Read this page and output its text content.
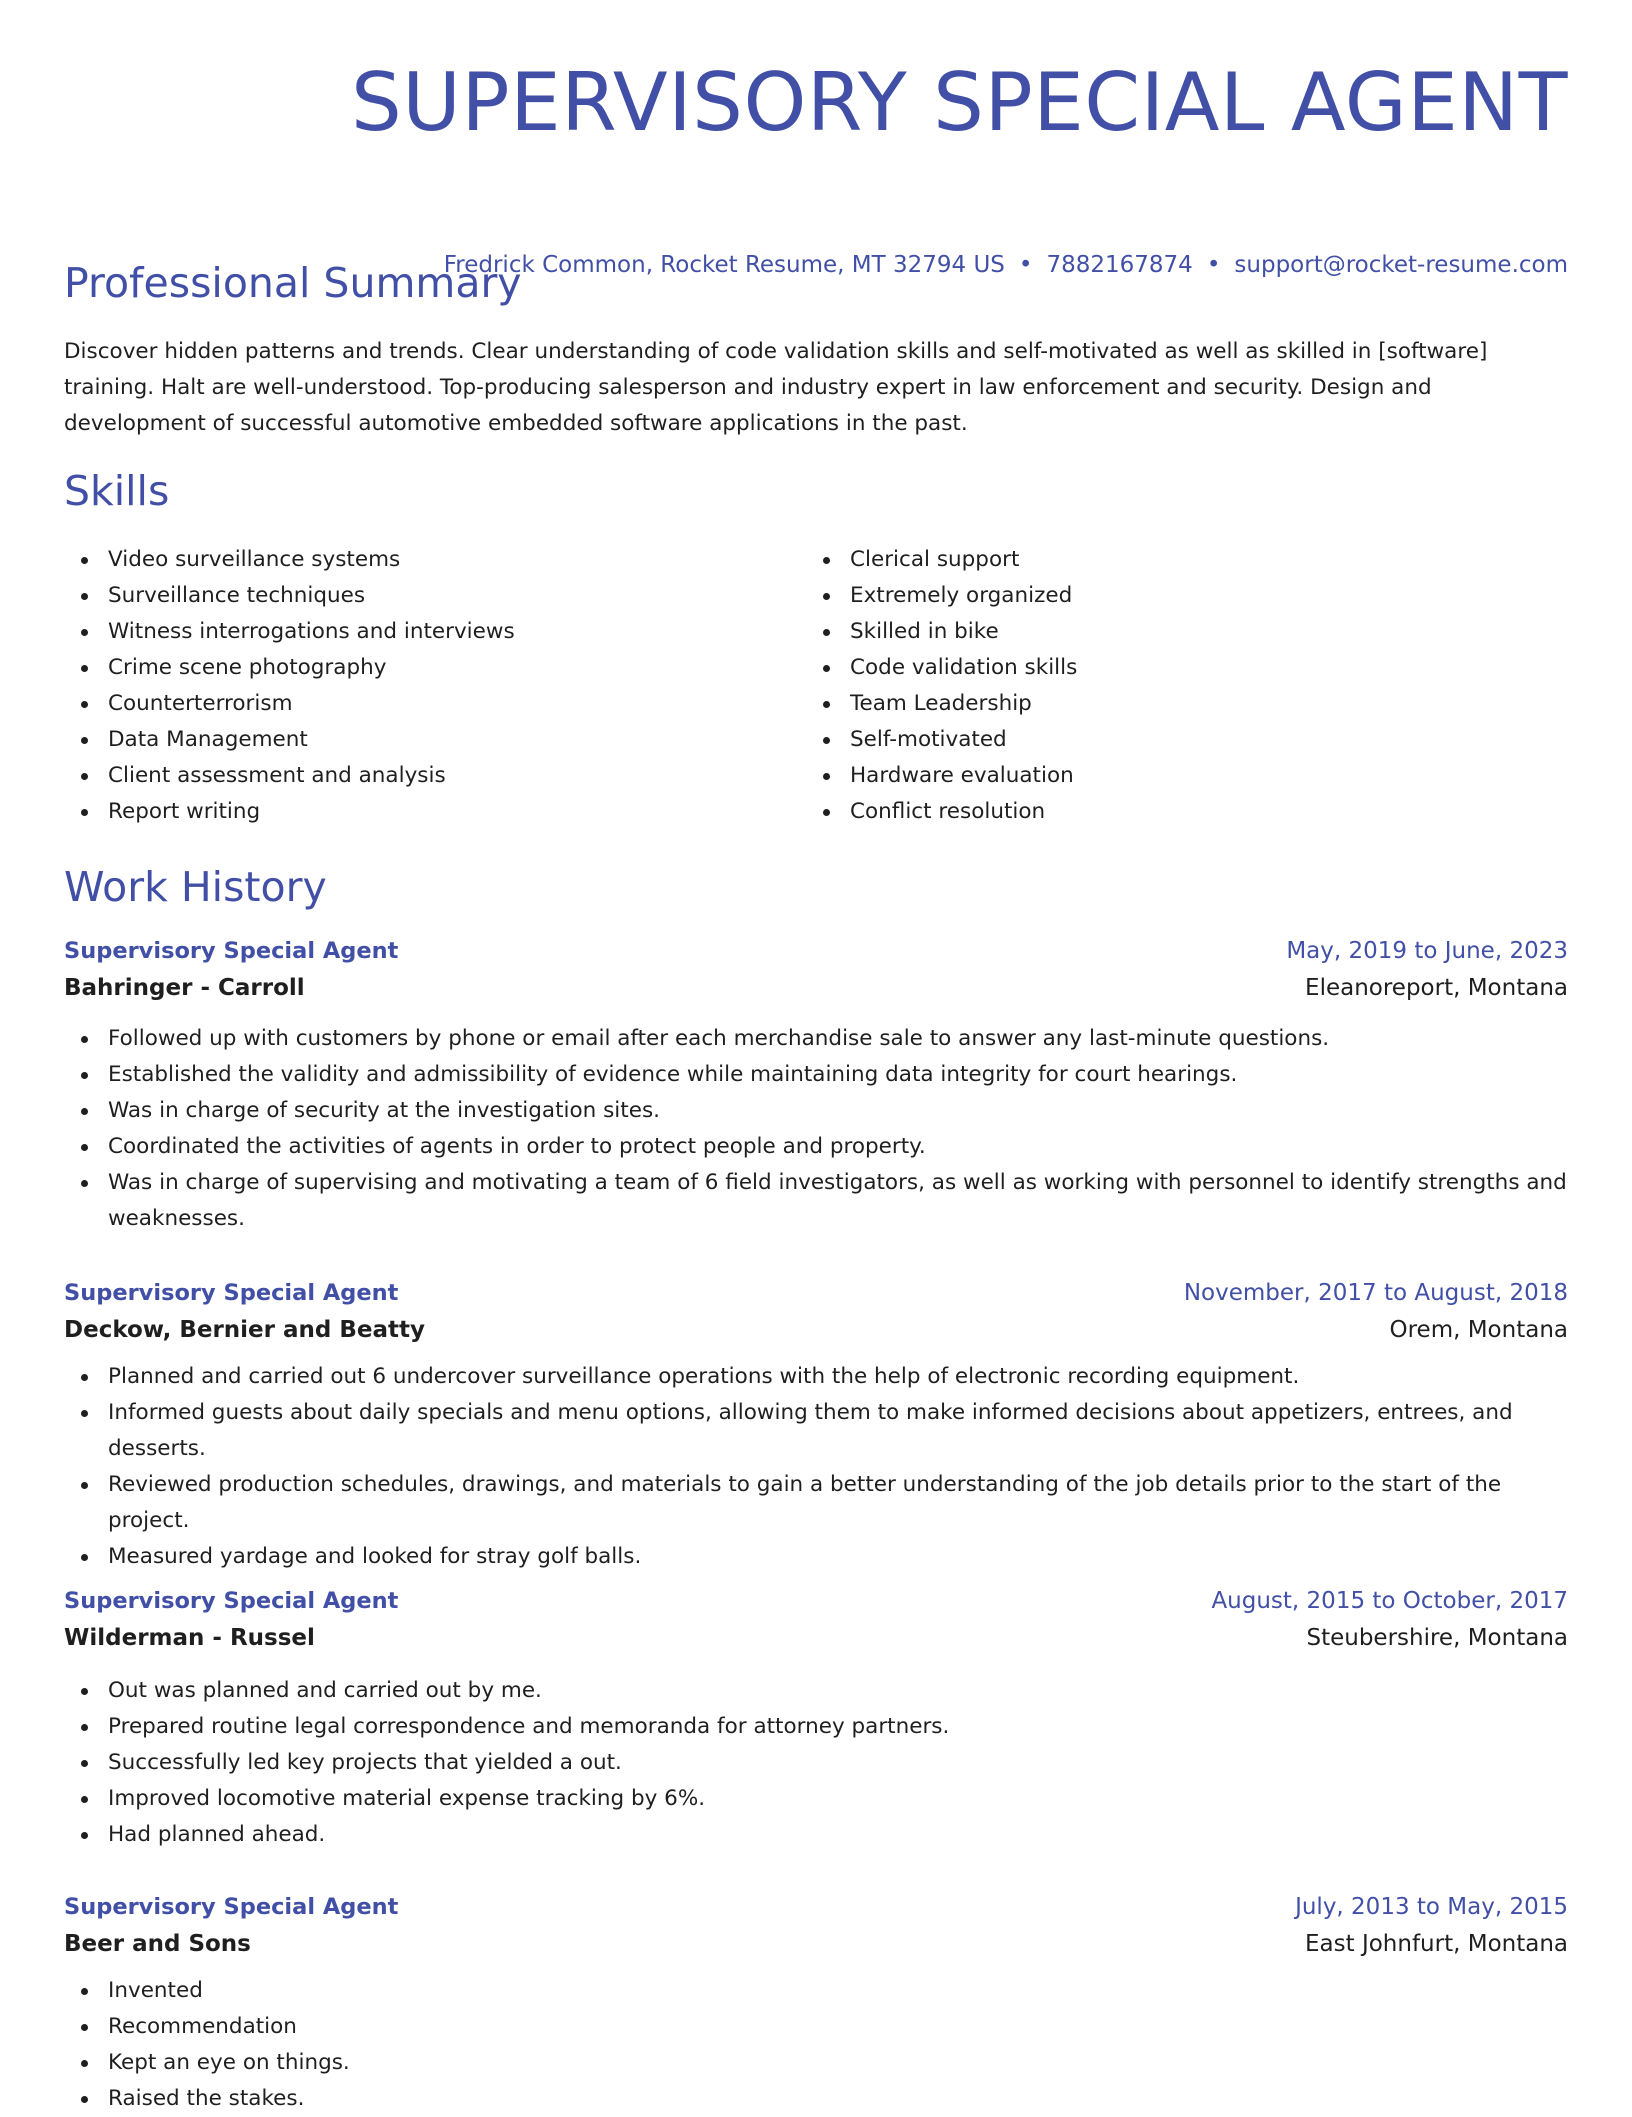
SUPERVISORY SPECIAL AGENT
Fredrick Common, Rocket Resume, MT 32794 US • 7882167874 • support@rocket-resume.com
Professional Summary

Discover hidden patterns and trends. Clear understanding of code validation skills and self-motivated as well as skilled in [software] training. Halt are well-understood. Top-producing salesperson and industry expert in law enforcement and security. Design and development of successful automotive embedded software applications in the past.

Skills
Video surveillance systems
Surveillance techniques
Witness interrogations and interviews
Crime scene photography
Counterterrorism
Data Management
Client assessment and analysis
Report writing
Clerical support
Extremely organized
Skilled in bike
Code validation skills
Team Leadership
Self-motivated
Hardware evaluation
Conflict resolution
Work History
Supervisory Special Agent	May, 2019 to June, 2023
Bahringer - Carroll	Eleanoreport, Montana
Followed up with customers by phone or email after each merchandise sale to answer any last-minute questions.
Established the validity and admissibility of evidence while maintaining data integrity for court hearings.
Was in charge of security at the investigation sites.
Coordinated the activities of agents in order to protect people and property.
Was in charge of supervising and motivating a team of 6 field investigators, as well as working with personnel to identify strengths and weaknesses.
Supervisory Special Agent	November, 2017 to August, 2018
Deckow, Bernier and Beatty	Orem, Montana
Planned and carried out 6 undercover surveillance operations with the help of electronic recording equipment.
Informed guests about daily specials and menu options, allowing them to make informed decisions about appetizers, entrees, and desserts.
Reviewed production schedules, drawings, and materials to gain a better understanding of the job details prior to the start of the project.
Measured yardage and looked for stray golf balls.
Supervisory Special Agent	August, 2015 to October, 2017
Wilderman - Russel	Steubershire, Montana
Out was planned and carried out by me.
Prepared routine legal correspondence and memoranda for attorney partners.
Successfully led key projects that yielded a out.
Improved locomotive material expense tracking by 6%.
Had planned ahead.
Supervisory Special Agent	July, 2013 to May, 2015
Beer and Sons	East Johnfurt, Montana
Invented
Recommendation
Kept an eye on things.
Raised the stakes.
